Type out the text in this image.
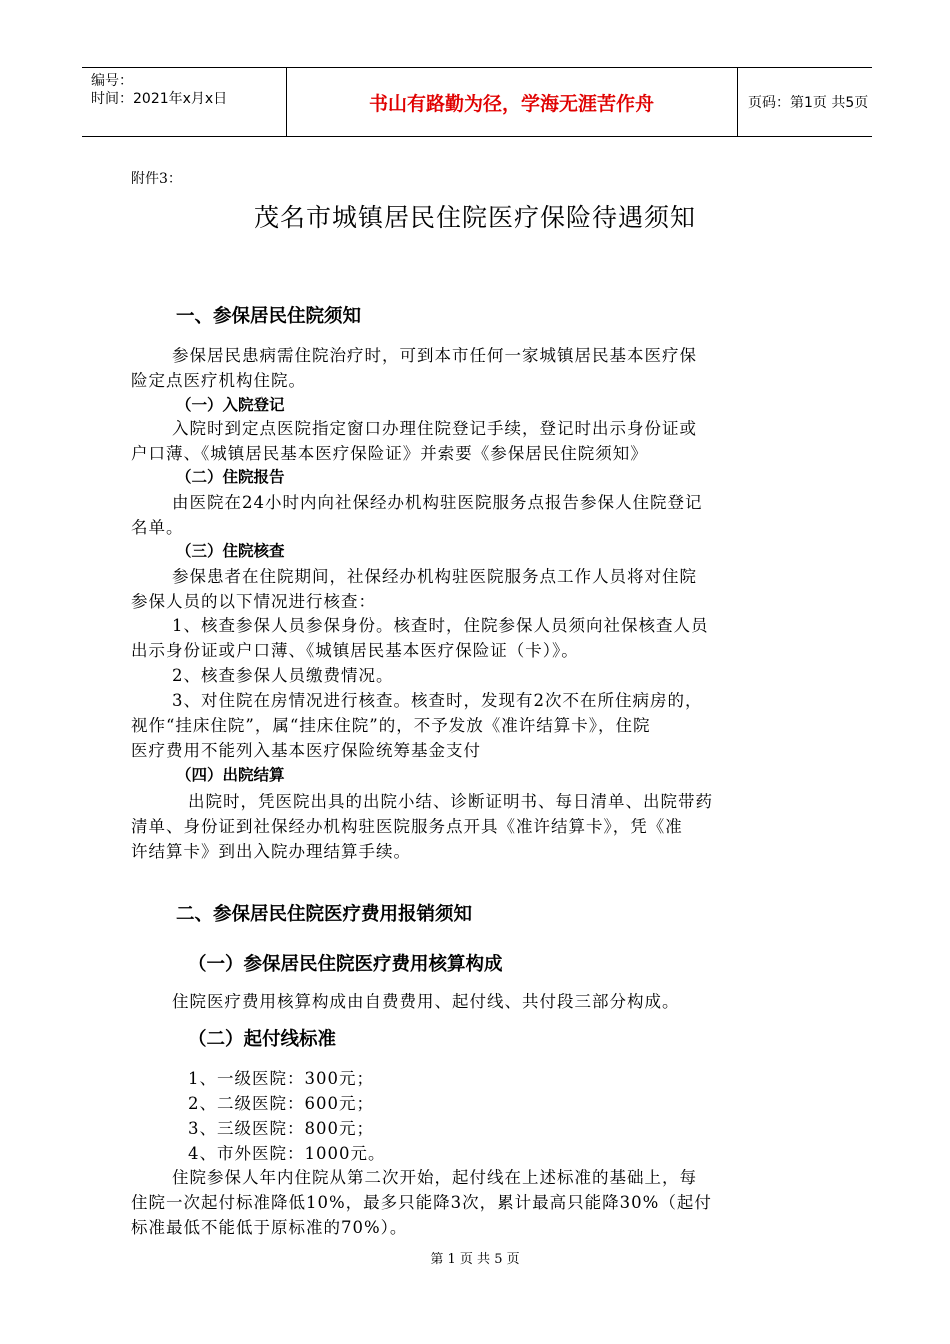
编号：
时间：2021年x月x日	书山有路勤为径，学海无涯苦作舟	页码：第1页 共5页
附件3：
茂名市城镇居民住院医疗保险待遇须知
一、参保居民住院须知
参保居民患病需住院治疗时，可到本市任何一家城镇居民基本医疗保
险定点医疗机构住院。
（一）入院登记
入院时到定点医院指定窗口办理住院登记手续，登记时出示身份证或
户口薄、《城镇居民基本医疗保险证》并索要《参保居民住院须知》
（二）住院报告
由医院在24小时内向社保经办机构驻医院服务点报告参保人住院登记
名单。
（三）住院核查
参保患者在住院期间，社保经办机构驻医院服务点工作人员将对住院
参保人员的以下情况进行核查：
1、核查参保人员参保身份。核查时，住院参保人员须向社保核查人员
出示身份证或户口薄、《城镇居民基本医疗保险证（卡）》。
2、核查参保人员缴费情况。
3、对住院在房情况进行核查。核查时，发现有2次不在所住病房的，
视作“挂床住院”，属“挂床住院”的，不予发放《准许结算卡》，住院
医疗费用不能列入基本医疗保险统筹基金支付
（四）出院结算
出院时，凭医院出具的出院小结、诊断证明书、每日清单、出院带药
清单、身份证到社保经办机构驻医院服务点开具《准许结算卡》，凭《准
许结算卡》到出入院办理结算手续。
二、参保居民住院医疗费用报销须知
（一）参保居民住院医疗费用核算构成
住院医疗费用核算构成由自费费用、起付线、共付段三部分构成。
（二）起付线标准
1、一级医院：300元；
2、二级医院：600元；
3、三级医院：800元；
4、市外医院：1000元。
住院参保人年内住院从第二次开始，起付线在上述标准的基础上，每
住院一次起付标准降低10%，最多只能降3次，累计最高只能降30%（起付
标准最低不能低于原标准的70%）。
第 1 页 共 5 页
